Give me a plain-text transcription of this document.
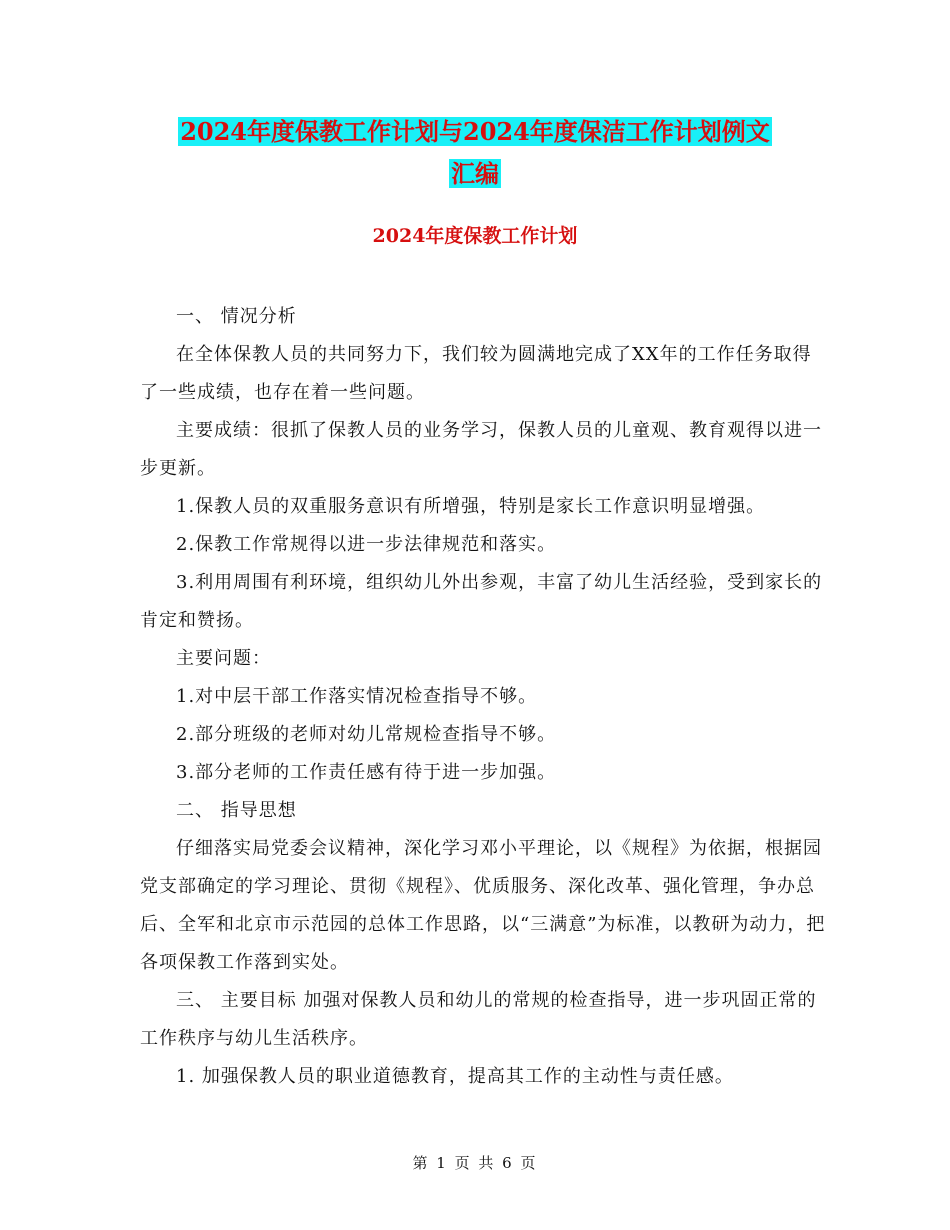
2024年度保教工作计划与2024年度保洁工作计划例文
汇编
2024年度保教工作计划

一、 情况分析

在全体保教人员的共同努力下，我们较为圆满地完成了XX年的工作任务取得了一些成绩，也存在着一些问题。

主要成绩：很抓了保教人员的业务学习，保教人员的儿童观、教育观得以进一步更新。

1.保教人员的双重服务意识有所增强，特别是家长工作意识明显增强。

2.保教工作常规得以进一步法律规范和落实。

3.利用周围有利环境，组织幼儿外出参观，丰富了幼儿生活经验，受到家长的肯定和赞扬。

主要问题：

1.对中层干部工作落实情况检查指导不够。

2.部分班级的老师对幼儿常规检查指导不够。

3.部分老师的工作责任感有待于进一步加强。

二、 指导思想

仔细落实局党委会议精神，深化学习邓小平理论，以《规程》为依据，根据园党支部确定的学习理论、贯彻《规程》、优质服务、深化改革、强化管理，争办总后、全军和北京市示范园的总体工作思路，以“三满意”为标准，以教研为动力，把各项保教工作落到实处。

三、 主要目标 加强对保教人员和幼儿的常规的检查指导，进一步巩固正常的工作秩序与幼儿生活秩序。

1. 加强保教人员的职业道德教育，提高其工作的主动性与责任感。

第 1 页 共 6 页
